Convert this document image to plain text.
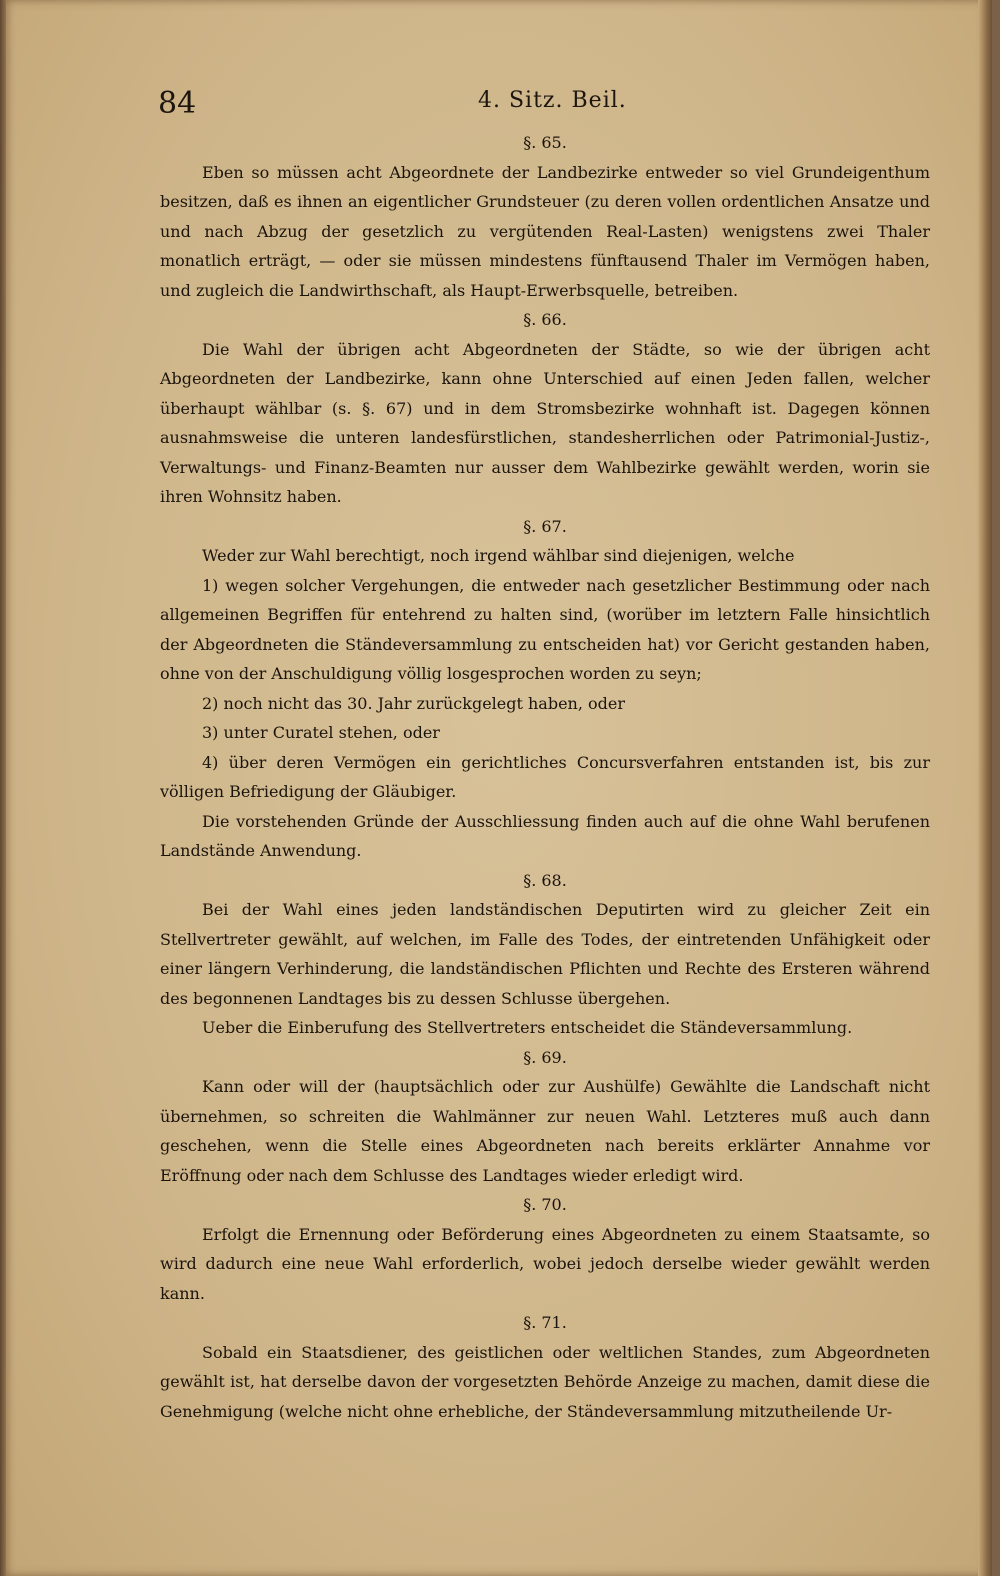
84	4. Sitz. Beil.

§. 65.

Eben so müssen acht Abgeordnete der Landbezirke entweder so viel Grundeigenthum besitzen, daß es ihnen an eigentlicher Grundsteuer (zu deren vollen ordentlichen Ansatze und und nach Abzug der gesetzlich zu vergütenden Real-Lasten) wenigstens zwei Thaler monatlich erträgt, — oder sie müssen mindestens fünftausend Thaler im Vermögen haben, und zugleich die Landwirthschaft, als Haupt-Erwerbsquelle, betreiben.

§. 66.

Die Wahl der übrigen acht Abgeordneten der Städte, so wie der übrigen acht Abgeordneten der Landbezirke, kann ohne Unterschied auf einen Jeden fallen, welcher überhaupt wählbar (s. §. 67) und in dem Stromsbezirke wohnhaft ist. Dagegen können ausnahmsweise die unteren landesfürstlichen, standesherrlichen oder Patrimonial-Justiz-, Verwaltungs- und Finanz-Beamten nur ausser dem Wahlbezirke gewählt werden, worin sie ihren Wohnsitz haben.

§. 67.

Weder zur Wahl berechtigt, noch irgend wählbar sind diejenigen, welche

1) wegen solcher Vergehungen, die entweder nach gesetzlicher Bestimmung oder nach allgemeinen Begriffen für entehrend zu halten sind, (worüber im letztern Falle hinsichtlich der Abgeordneten die Ständeversammlung zu entscheiden hat) vor Gericht gestanden haben, ohne von der Anschuldigung völlig losgesprochen worden zu seyn;

2) noch nicht das 30. Jahr zurückgelegt haben, oder

3) unter Curatel stehen, oder

4) über deren Vermögen ein gerichtliches Concursverfahren entstanden ist, bis zur völligen Befriedigung der Gläubiger.

Die vorstehenden Gründe der Ausschliessung finden auch auf die ohne Wahl berufenen Landstände Anwendung.

§. 68.

Bei der Wahl eines jeden landständischen Deputirten wird zu gleicher Zeit ein Stellvertreter gewählt, auf welchen, im Falle des Todes, der eintretenden Unfähigkeit oder einer längern Verhinderung, die landständischen Pflichten und Rechte des Ersteren während des begonnenen Landtages bis zu dessen Schlusse übergehen.

Ueber die Einberufung des Stellvertreters entscheidet die Ständeversammlung.

§. 69.

Kann oder will der (hauptsächlich oder zur Aushülfe) Gewählte die Landschaft nicht übernehmen, so schreiten die Wahlmänner zur neuen Wahl. Letzteres muß auch dann geschehen, wenn die Stelle eines Abgeordneten nach bereits erklärter Annahme vor Eröffnung oder nach dem Schlusse des Landtages wieder erledigt wird.

§. 70.

Erfolgt die Ernennung oder Beförderung eines Abgeordneten zu einem Staatsamte, so wird dadurch eine neue Wahl erforderlich, wobei jedoch derselbe wieder gewählt werden kann.

§. 71.

Sobald ein Staatsdiener, des geistlichen oder weltlichen Standes, zum Abgeordneten gewählt ist, hat derselbe davon der vorgesetzten Behörde Anzeige zu machen, damit diese die Genehmigung (welche nicht ohne erhebliche, der Ständeversammlung mitzutheilende Ur-
